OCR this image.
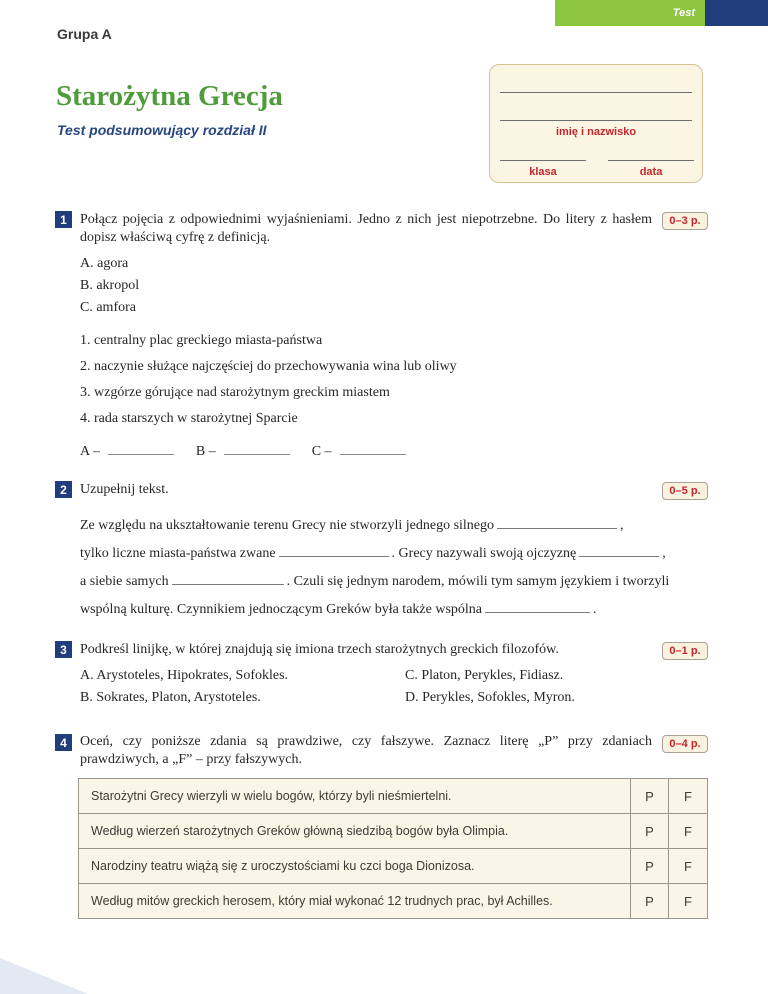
Test
Grupa A
Starożytna Grecja
Test podsumowujący rozdział II	imię i nazwisko
klasa	data
1	0–3 p.
Połącz pojęcia z odpowiednimi wyjaśnieniami. Jedno z nich jest niepotrzebne. Do litery z hasłem dopisz właściwą cyfrę z definicją.
A. agora
B. akropol
C. amfora
1. centralny plac greckiego miasta-państwa
2. naczynie służące najczęściej do przechowywania wina lub oliwy
3. wzgórze górujące nad starożytnym greckim miastem
4. rada starszych w starożytnej Sparcie
A –	B –	C –
2	0–5 p.
Uzupełnij tekst.
Ze względu na ukształtowanie terenu Grecy nie stworzyli jednego silnego	,
tylko liczne miasta-państwa zwane	. Grecy nazywali swoją ojczyznę	,
a siebie samych	. Czuli się jednym narodem, mówili tym samym językiem i tworzyli
wspólną kulturę. Czynnikiem jednoczącym Greków była także wspólna	.
3	0–1 p.
Podkreśl linijkę, w której znajdują się imiona trzech starożytnych greckich filozofów.
A. Arystoteles, Hipokrates, Sofokles.
B. Sokrates, Platon, Arystoteles.
C. Platon, Perykles, Fidiasz.
D. Perykles, Sofokles, Myron.
4	0–4 p.
Oceń, czy poniższe zdania są prawdziwe, czy fałszywe. Zaznacz literę „P” przy zdaniach prawdziwych, a „F” – przy fałszywych.
Starożytni Grecy wierzyli w wielu bogów, którzy byli nieśmiertelni.	P	F
Według wierzeń starożytnych Greków główną siedzibą bogów była Olimpia.	P	F
Narodziny teatru wiążą się z uroczystościami ku czci boga Dionizosa.	P	F
Według mitów greckich herosem, który miał wykonać 12 trudnych prac, był Achilles.	P	F
